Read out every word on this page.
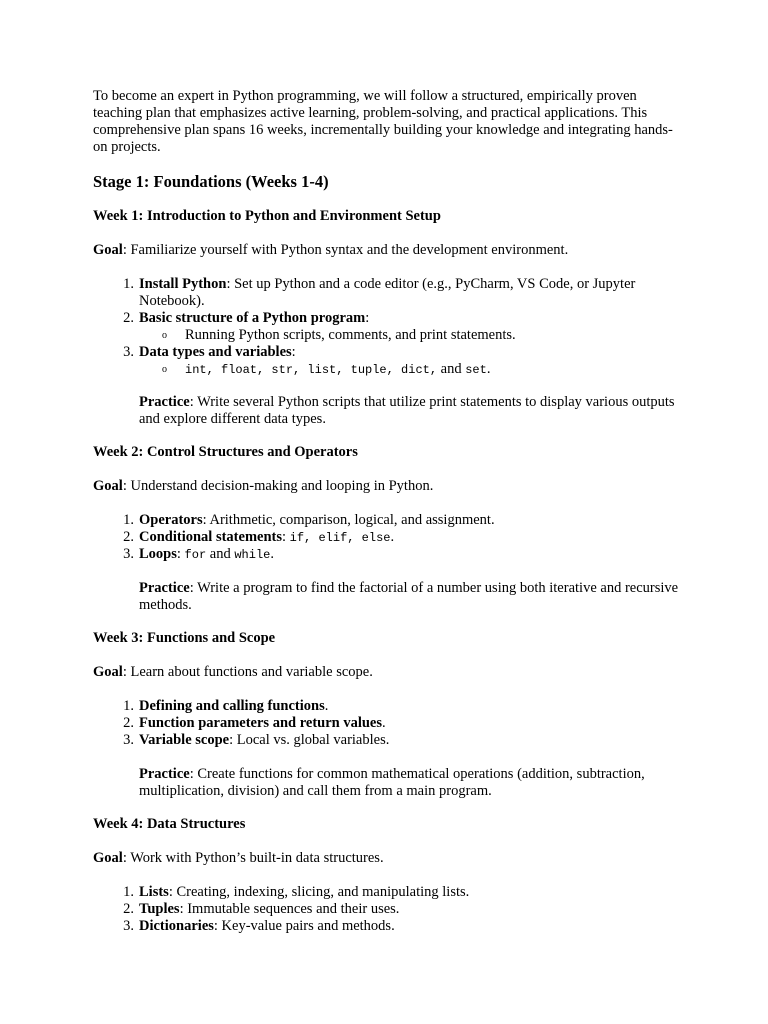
To become an expert in Python programming, we will follow a structured, empirically proven teaching plan that emphasizes active learning, problem-solving, and practical applications. This comprehensive plan spans 16 weeks, incrementally building your knowledge and integrating hands-on projects.

Stage 1: Foundations (Weeks 1-4)
Week 1: Introduction to Python and Environment Setup
Goal: Familiarize yourself with Python syntax and the development environment.
1. Install Python: Set up Python and a code editor (e.g., PyCharm, VS Code, or Jupyter Notebook).
2. Basic structure of a Python program:
o Running Python scripts, comments, and print statements.
3. Data types and variables:
o int, float, str, list, tuple, dict, and set.
Practice: Write several Python scripts that utilize print statements to display various outputs and explore different data types.
Week 2: Control Structures and Operators
Goal: Understand decision-making and looping in Python.
1. Operators: Arithmetic, comparison, logical, and assignment.
2. Conditional statements: if, elif, else.
3. Loops: for and while.
Practice: Write a program to find the factorial of a number using both iterative and recursive methods.
Week 3: Functions and Scope
Goal: Learn about functions and variable scope.
1. Defining and calling functions.
2. Function parameters and return values.
3. Variable scope: Local vs. global variables.
Practice: Create functions for common mathematical operations (addition, subtraction, multiplication, division) and call them from a main program.
Week 4: Data Structures
Goal: Work with Python’s built-in data structures.
1. Lists: Creating, indexing, slicing, and manipulating lists.
2. Tuples: Immutable sequences and their uses.
3. Dictionaries: Key-value pairs and methods.
